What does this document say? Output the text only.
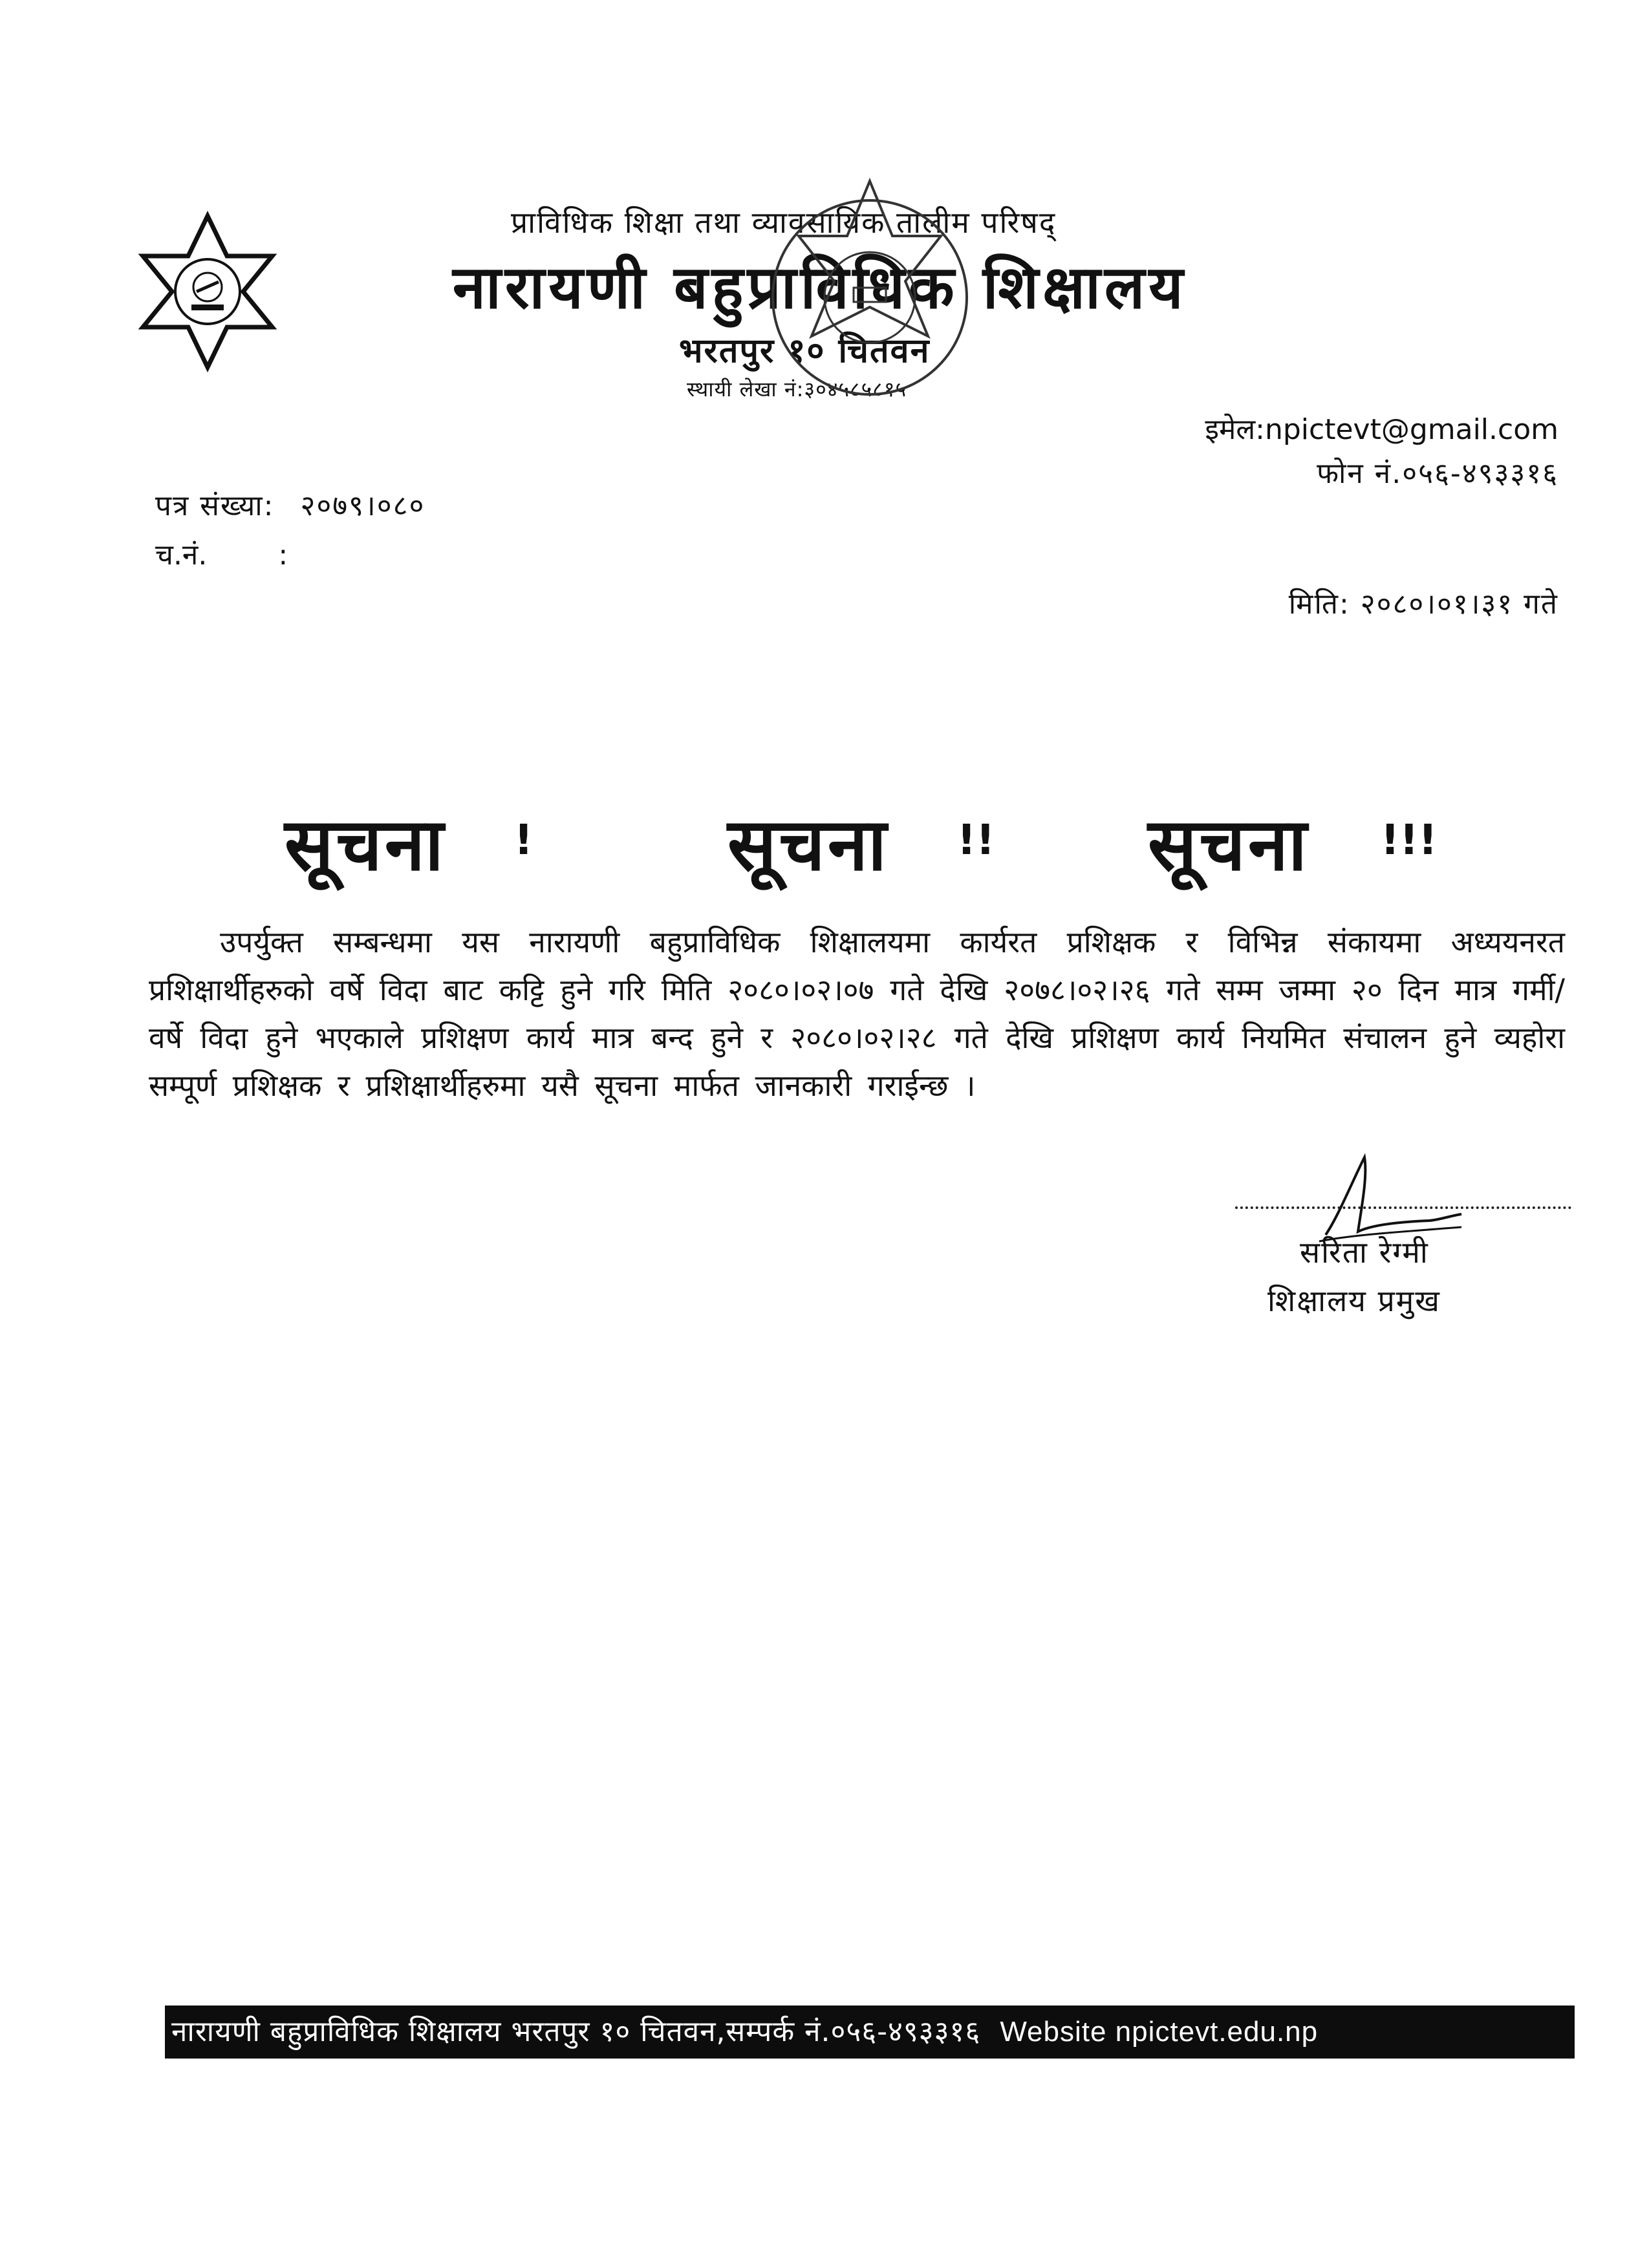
प्राविधिक शिक्षा तथा व्यावसायिक तालीम परिषद्
नारायणी बहुप्राविधिक शिक्षालय
भरतपुर १० चितवन
स्थायी लेखा नं:३०४५८५८१५
इमेल:npictevt@gmail.com
फोन नं.०५६-४९३३१६
पत्र संख्या: २०७९।०८०
च.नं.	:
मिति: २०८०।०१।३१ गते
सूचना !	सूचना !! सूचना !!!
उपर्युक्त सम्बन्धमा यस नारायणी बहुप्राविधिक शिक्षालयमा कार्यरत प्रशिक्षक र विभिन्न संकायमा अध्ययनरत प्रशिक्षार्थीहरुको वर्षे विदा बाट कट्टि हुने गरि मिति २०८०।०२।०७ गते देखि २०७८।०२।२६ गते सम्म जम्मा २० दिन मात्र गर्मी/वर्षे विदा हुने भएकाले प्रशिक्षण कार्य मात्र बन्द हुने र २०८०।०२।२८ गते देखि प्रशिक्षण कार्य नियमित संचालन हुने व्यहोरा सम्पूर्ण प्रशिक्षक र प्रशिक्षार्थीहरुमा यसै सूचना मार्फत जानकारी गराईन्छ ।
सरिता रेग्मी
शिक्षालय प्रमुख
नारायणी बहुप्राविधिक शिक्षालय भरतपुर १० चितवन,सम्पर्क नं.०५६-४९३३१६ Website npictevt.edu.np
